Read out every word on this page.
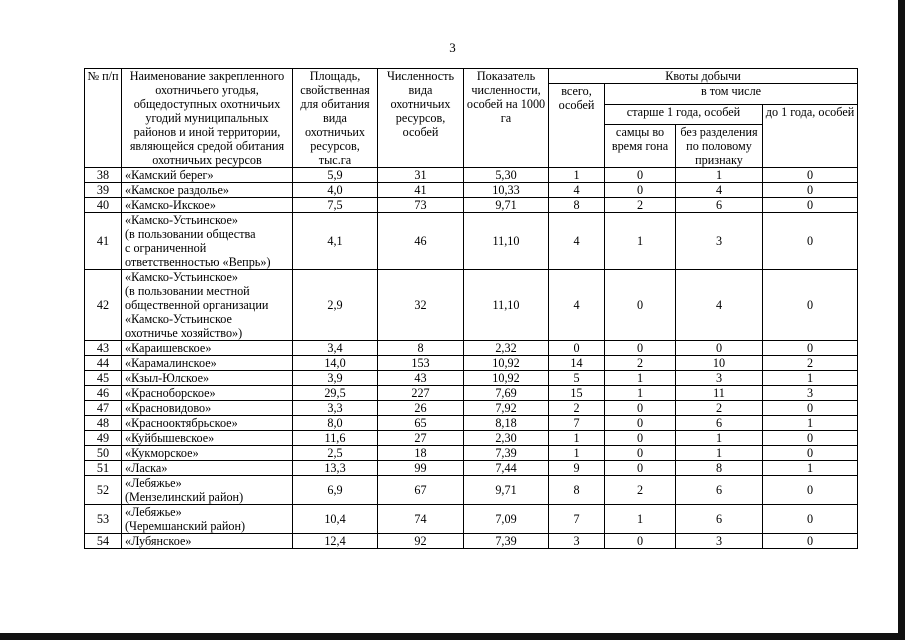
3
№ п/п	Наименование закрепленного охотничьего угодья, общедоступных охотничьих угодий муниципальных районов и иной территории, являющейся средой обитания охотничьих ресурсов	Площадь, свойственная для обитания вида охотничьих ресурсов, тыс.га	Численность вида охотничьих ресурсов, особей	Показатель численности, особей на 1000 га	Квоты добычи			
					всего, особей	в том числе		
						старше 1 года, особей		до 1 года, особей
						самцы во время гона	без разделения по половому признаку	
38	«Камский берег»	5,9	31	5,30	1	0	1	0
39	«Камское раздолье»	4,0	41	10,33	4	0	4	0
40	«Камско-Икское»	7,5	73	9,71	8	2	6	0
41	«Камско-Устьинское»
(в пользовании общества
с ограниченной
ответственностью «Вепрь»)	4,1	46	11,10	4	1	3	0
42	«Камско-Устьинское»
(в пользовании местной
общественной организации
«Камско-Устьинское
охотничье хозяйство»)	2,9	32	11,10	4	0	4	0
43	«Караишевское»	3,4	8	2,32	0	0	0	0
44	«Карамалинское»	14,0	153	10,92	14	2	10	2
45	«Кзыл-Юлское»	3,9	43	10,92	5	1	3	1
46	«Красноборское»	29,5	227	7,69	15	1	11	3
47	«Красновидово»	3,3	26	7,92	2	0	2	0
48	«Краснооктябрьское»	8,0	65	8,18	7	0	6	1
49	«Куйбышевское»	11,6	27	2,30	1	0	1	0
50	«Кукморское»	2,5	18	7,39	1	0	1	0
51	«Ласка»	13,3	99	7,44	9	0	8	1
52	«Лебяжье»
(Мензелинский район)	6,9	67	9,71	8	2	6	0
53	«Лебяжье»
(Черемшанский район)	10,4	74	7,09	7	1	6	0
54	«Лубянское»	12,4	92	7,39	3	0	3	0
